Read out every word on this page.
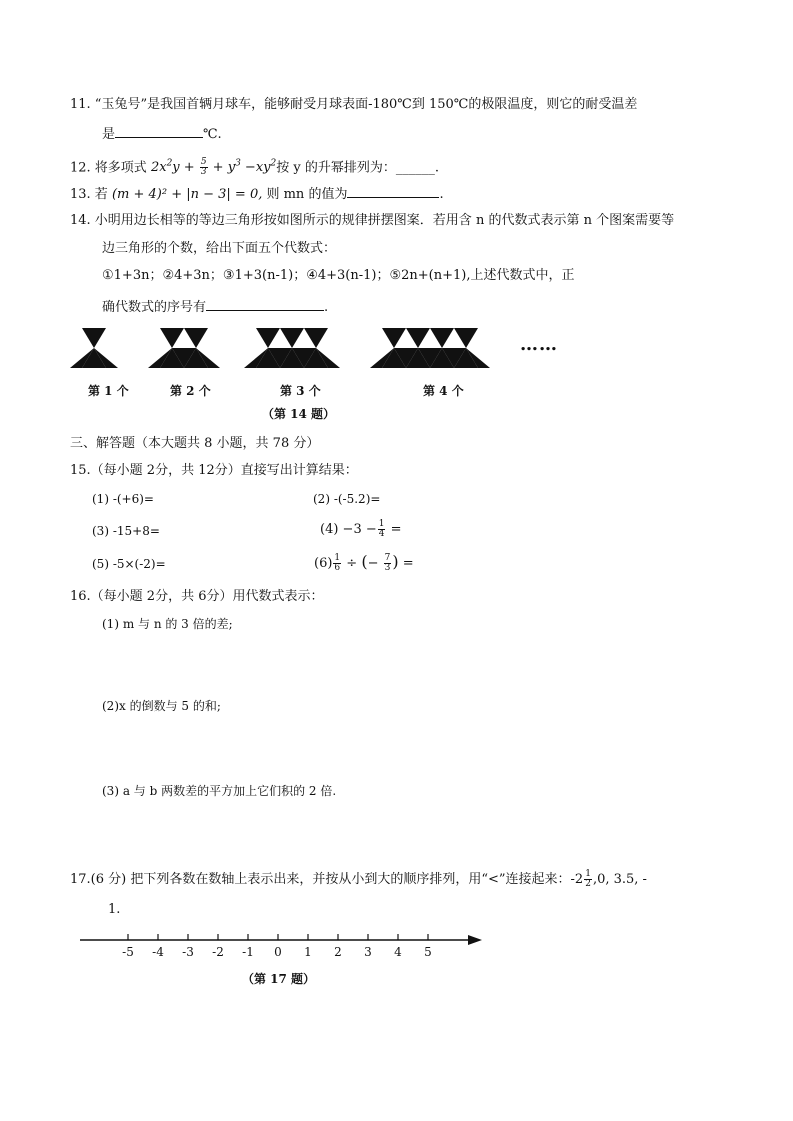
11. “玉兔号”是我国首辆月球车，能够耐受月球表面-180℃到 150℃的极限温度，则它的耐受温差
是	℃.
12. 将多项式 $2x^2y + \frac{5}{3} + y^3 -xy^2$按 y 的升幂排列为：______.
13. 若 (m + 4)² + |n − 3| = 0, 则 mn 的值为	.
14. 小明用边长相等的等边三角形按如图所示的规律拼摆图案．若用含 n 的代数式表示第 n 个图案需要等
边三角形的个数，给出下面五个代数式：
①1+3n；②4+3n；③1+3(n-1)；④4+3(n-1)；⑤2n+(n+1),上述代数式中，正
确代数式的序号有	.
……
第 1 个	第 2 个	第 3 个	第 4 个
（第 14 题）
三、解答题（本大题共 8 小题，共 78 分）
15.（每小题 2分，共 12分）直接写出计算结果：
(1) -(+6)=	(2) -(-5.2)=
(3) -15+8=	$(4) -3 - \frac{1}{4}$ =
(5) -5×(-2)=	$(6) \frac{1}{6}$ ÷ (− $\frac{7}{3}$ ) =
16.（每小题 2分，共 6分）用代数式表示：
(1) m 与 n 的 3 倍的差;
(2)x 的倒数与 5 的和;
(3) a 与 b 两数差的平方加上它们积的 2 倍.
17.(6 分) 把下列各数在数轴上表示出来，并按从小到大的顺序排列，用“<”连接起来：$-2 \frac{1}{2} ,0$, 3.5, -
1.
-5	-4	-3	-2	-1	0	1	2	3	4	5
（第 17 题）
